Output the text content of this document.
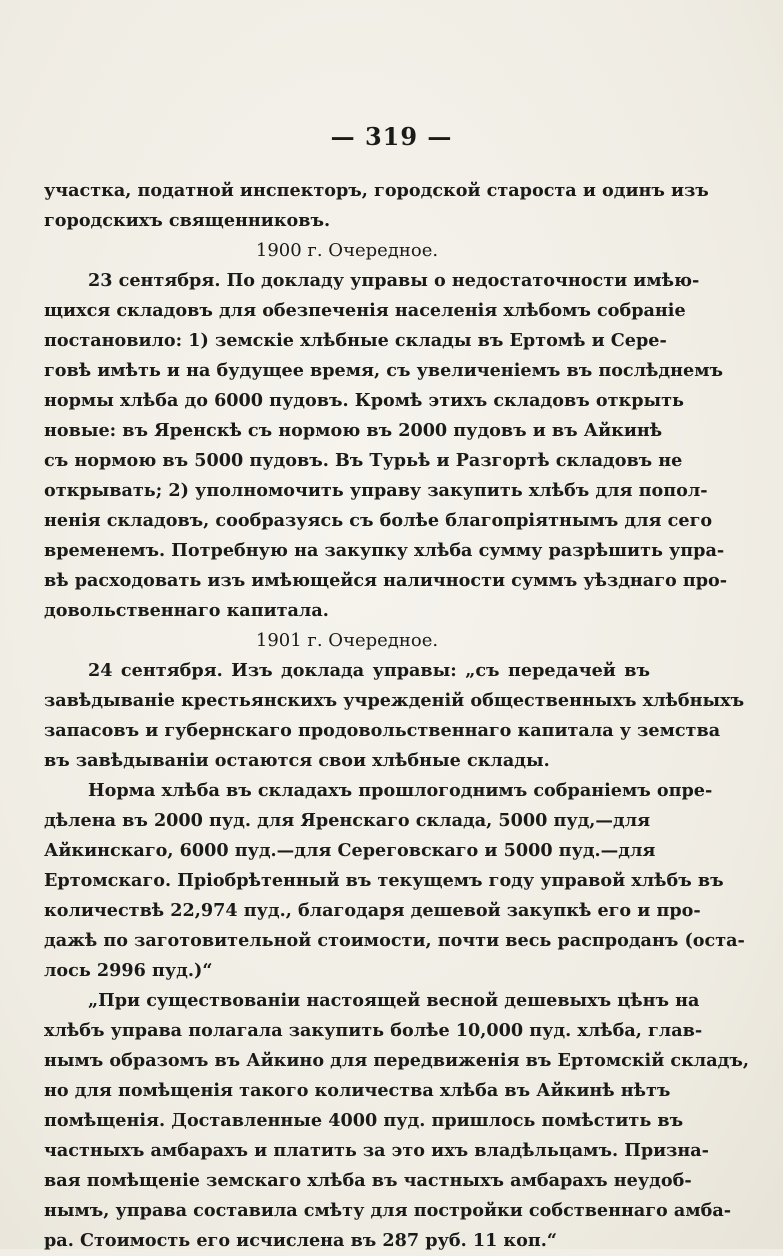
— 319 —
участка, податной инспекторъ, городской староста и одинъ изъ
городскихъ священниковъ.
1900 г. Очередное.
23 сентября. По докладу управы о недостаточности имѣю-
щихся складовъ для обезпеченія населенія хлѣбомъ собраніе
постановило: 1) земскіе хлѣбные склады въ Ертомѣ и Сере-
говѣ имѣть и на будущее время, съ увеличеніемъ въ послѣднемъ
нормы хлѣба до 6000 пудовъ. Кромѣ этихъ складовъ открыть
новые: въ Яренскѣ съ нормою въ 2000 пудовъ и въ Айкинѣ
съ нормою въ 5000 пудовъ. Въ Турьѣ и Разгортѣ складовъ не
открывать; 2) уполномочить управу закупить хлѣбъ для попол-
ненія складовъ, сообразуясь съ болѣе благопріятнымъ для сего
временемъ. Потребную на закупку хлѣба сумму разрѣшить упра-
вѣ расходовать изъ имѣющейся наличности суммъ уѣзднаго про-
довольственнаго капитала.
1901 г. Очередное.
24 сентября. Изъ доклада управы: „съ передачей въ
завѣдываніе крестьянскихъ учрежденій общественныхъ хлѣбныхъ
запасовъ и губернскаго продовольственнаго капитала у земства
въ завѣдываніи остаются свои хлѣбные склады.
Норма хлѣба въ складахъ прошлогоднимъ собраніемъ опре-
дѣлена въ 2000 пуд. для Яренскаго склада, 5000 пуд,—для
Айкинскаго, 6000 пуд.—для Сереговскаго и 5000 пуд.—для
Ертомскаго. Пріобрѣтенный въ текущемъ году управой хлѣбъ въ
количествѣ 22,974 пуд., благодаря дешевой закупкѣ его и про-
дажѣ по заготовительной стоимости, почти весь распроданъ (оста-
лось 2996 пуд.)“
„При существованіи настоящей весной дешевыхъ цѣнъ на
хлѣбъ управа полагала закупить болѣе 10,000 пуд. хлѣба, глав-
нымъ образомъ въ Айкино для передвиженія въ Ертомскій складъ,
но для помѣщенія такого количества хлѣба въ Айкинѣ нѣтъ
помѣщенія. Доставленные 4000 пуд. пришлось помѣстить въ
частныхъ амбарахъ и платить за это ихъ владѣльцамъ. Призна-
вая помѣщеніе земскаго хлѣба въ частныхъ амбарахъ неудоб-
нымъ, управа составила смѣту для постройки собственнаго амба-
ра. Стоимость его исчислена въ 287 руб. 11 коп.“
